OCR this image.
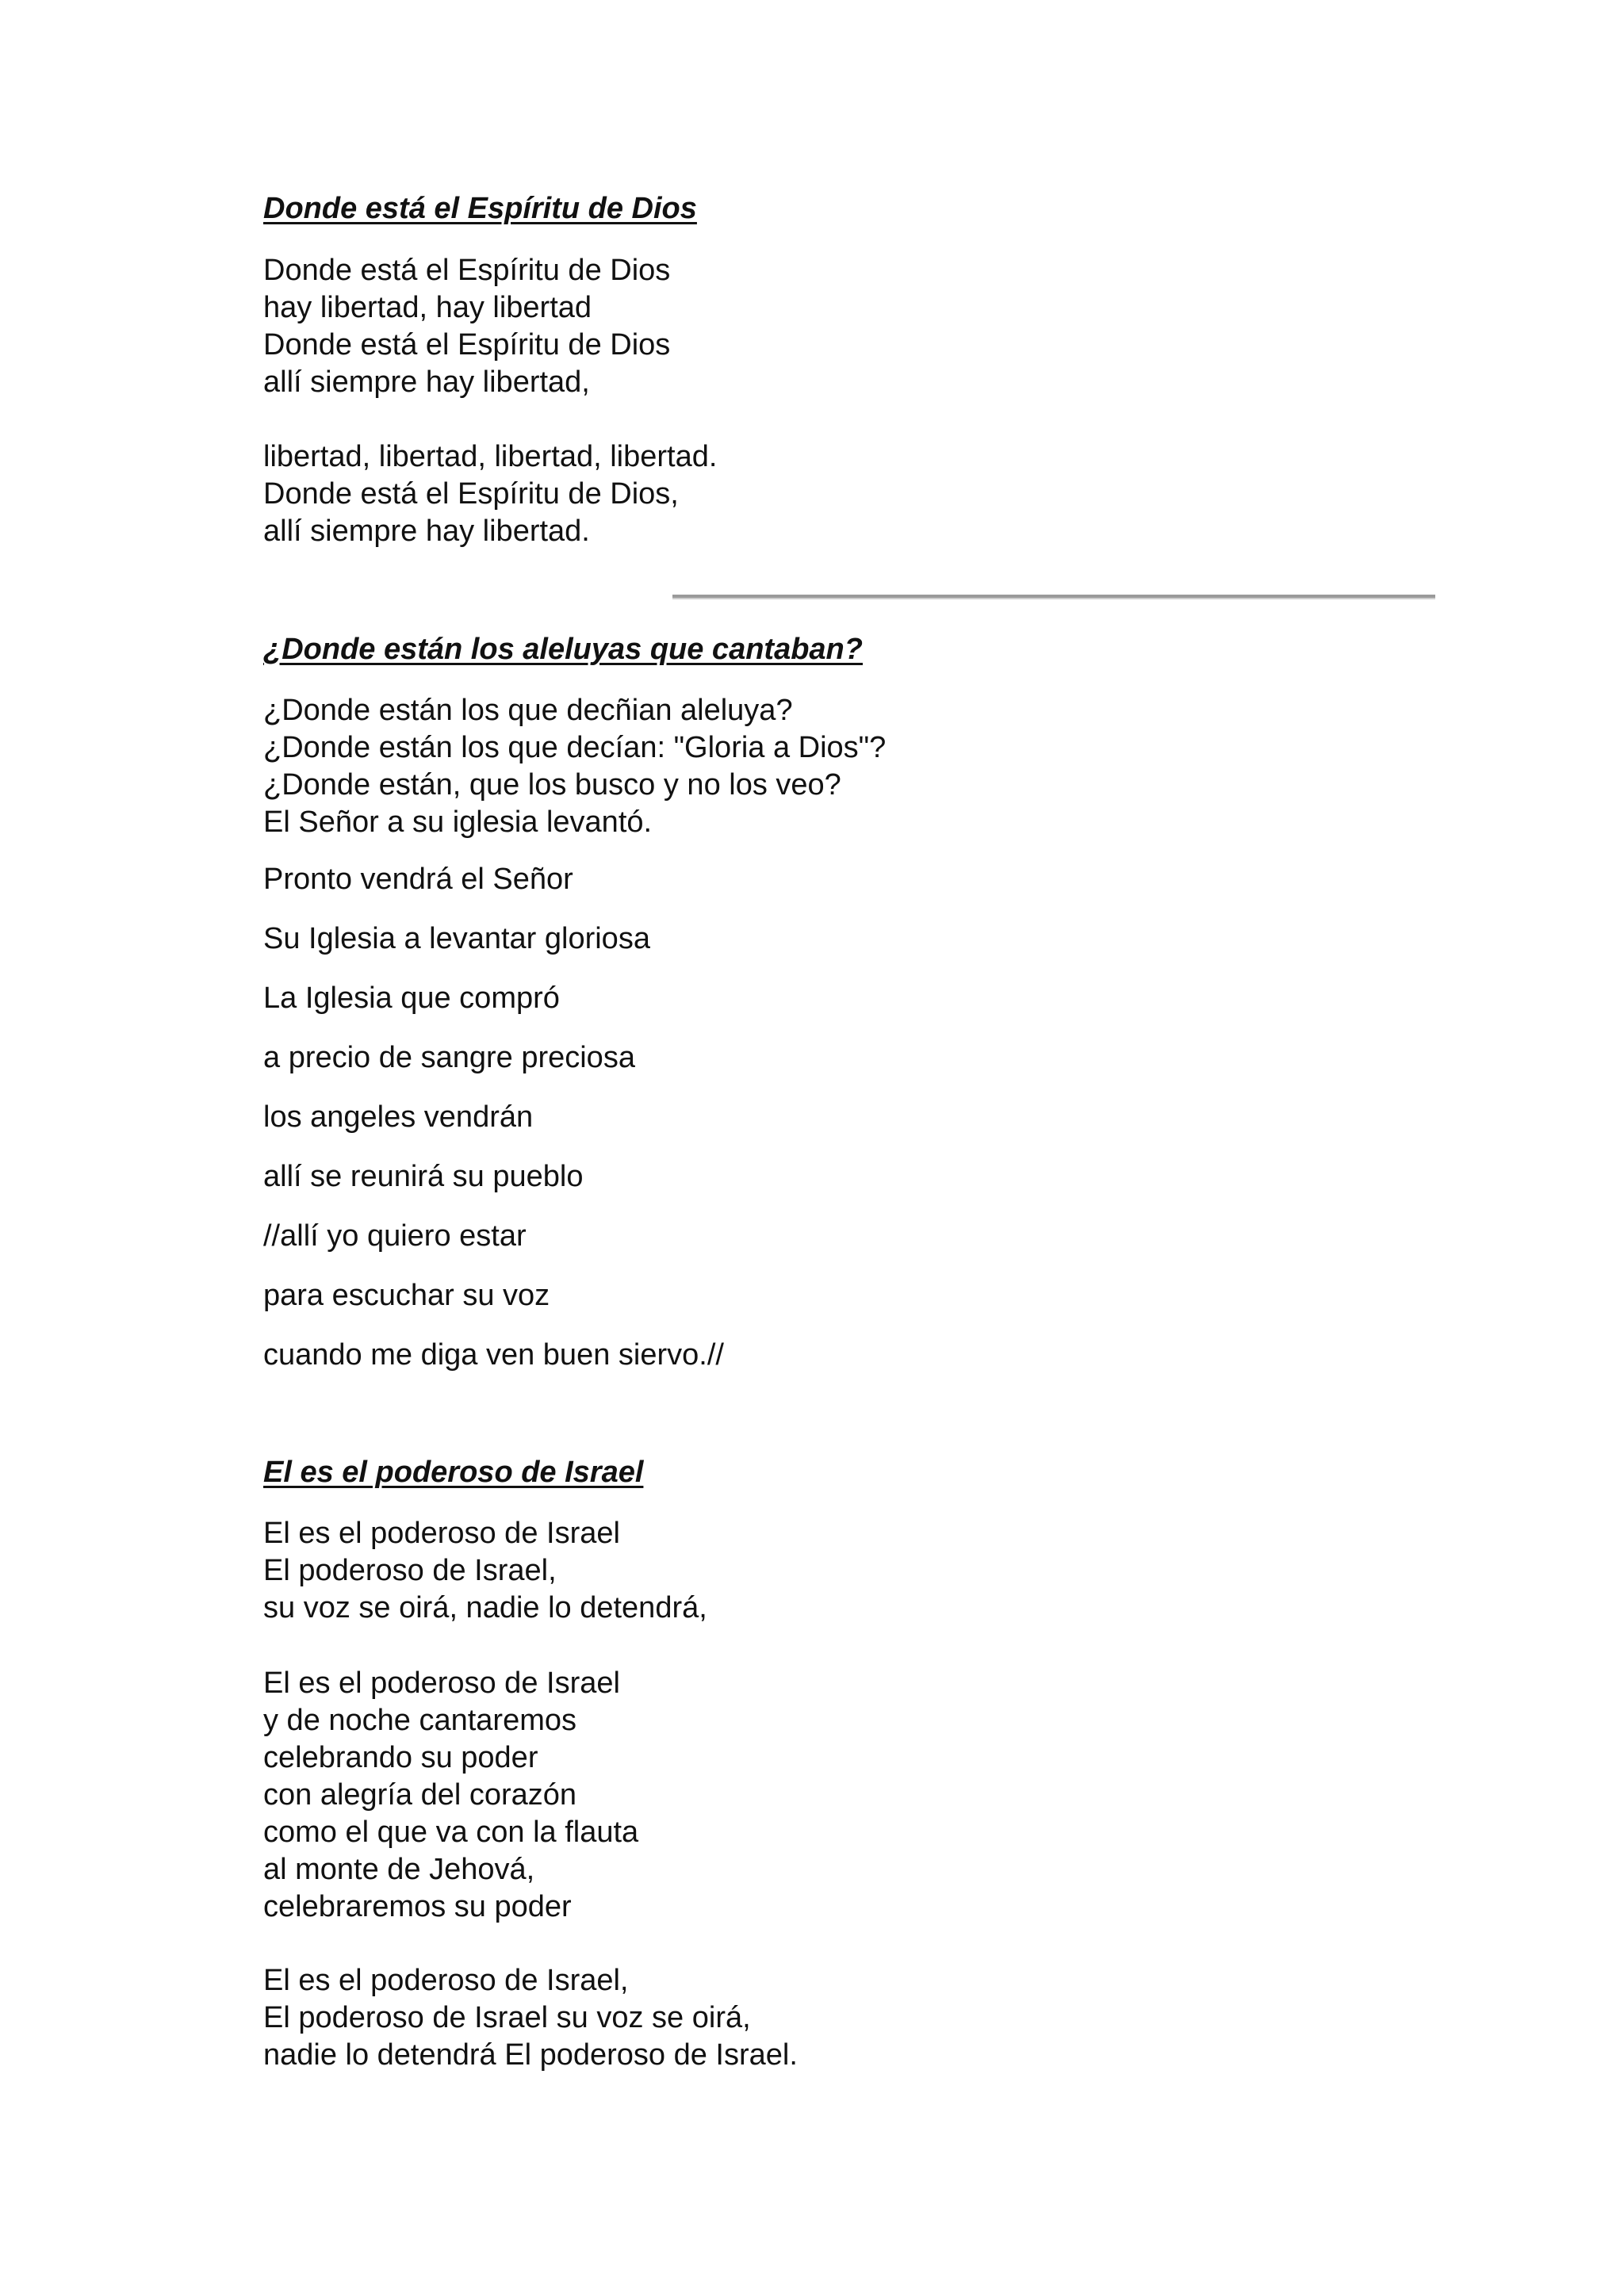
Donde está el Espíritu de Dios
Donde está el Espíritu de Dios
hay libertad, hay libertad
Donde está el Espíritu de Dios
allí siempre hay libertad,
libertad, libertad, libertad, libertad.
Donde está el Espíritu de Dios,
allí siempre hay libertad.
¿Donde están los aleluyas que cantaban?
¿Donde están los que decñian aleluya?
¿Donde están los que decían: "Gloria a Dios"?
¿Donde están, que los busco y no los veo?
El Señor a su iglesia levantó.
Pronto vendrá el Señor
Su Iglesia a levantar gloriosa
La Iglesia que compró
a precio de sangre preciosa
los angeles vendrán
allí se reunirá su pueblo
//allí yo quiero estar
para escuchar su voz
cuando me diga ven buen siervo.//
El es el poderoso de Israel
El es el poderoso de Israel
El poderoso de Israel,
su voz se oirá, nadie lo detendrá,
El es el poderoso de Israel
y de noche cantaremos
celebrando su poder
con alegría del corazón
como el que va con la flauta
al monte de Jehová,
celebraremos su poder
El es el poderoso de Israel,
El poderoso de Israel su voz se oirá,
nadie lo detendrá El poderoso de Israel.
